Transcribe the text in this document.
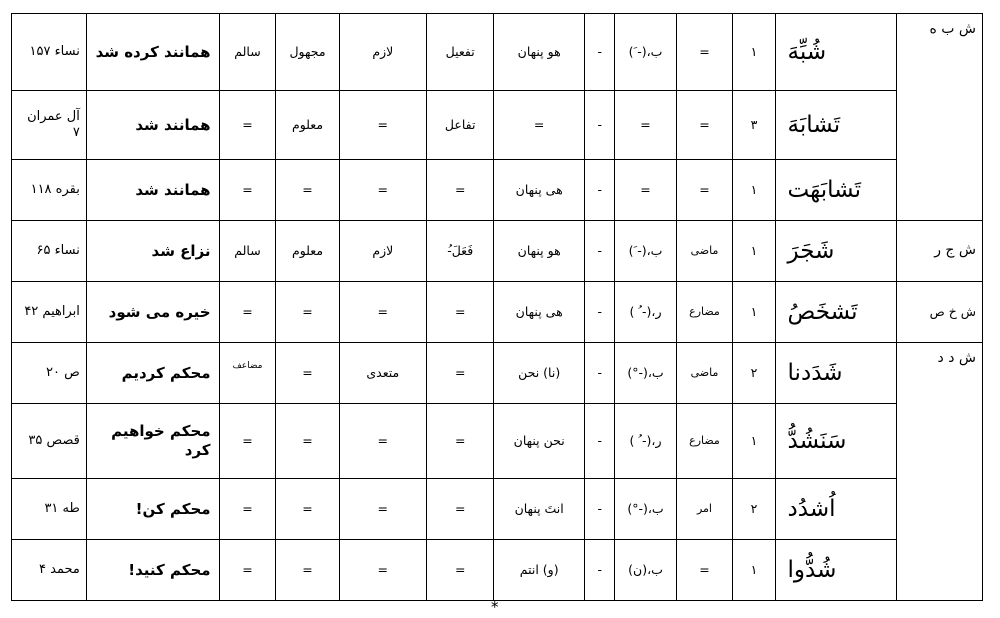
ش ب ه	شُبِّهَ	۱	=	ب،(- َ)	-	هو پنهان	تفعیل	لازم	مجهول	سالم	همانند کرده شد	نساء ۱۵۷
	تَشابَهَ	۳	=	=	-	=	تفاعل	=	معلوم	=	همانند شد	آل عمران ۷
	تَشابَهَت	۱	=	=	-	هی پنهان	=	=	=	=	همانند شد	بقره ۱۱۸
ش ج ر	شَجَرَ	۱	ماضی	ب،(- َ)	-	هو پنهان	فَعَلَ-ُ	لازم	معلوم	سالم	نزاع شد	نساء ۶۵
ش خ ص	تَشخَصُ	۱	مضارع	ر،(- ُ )	-	هی پنهان	=	=	=	=	خیره می شود	ابراهیم ۴۲
ش د د	شَدَدنا	۲	ماضی	ب،(-°)	-	(نا) نحن	=	متعدی	=	مضاعف	محکم کردیم	ص ۲۰
	سَنَشُدُّ	۱	مضارع	ر،(- ُ )	-	نحن پنهان	=	=	=	=	محکم خواهیم کرد	قصص ۳۵
	اُشدُد	۲	امر	ب،(-°)	-	انتَ پنهان	=	=	=	=	محکم کن!	طه ۳۱
	شُدُّوا	۱	=	ب،(ن)	-	(و) انتم	=	=	=	=	محکم کنید!	محمد ۴
*
